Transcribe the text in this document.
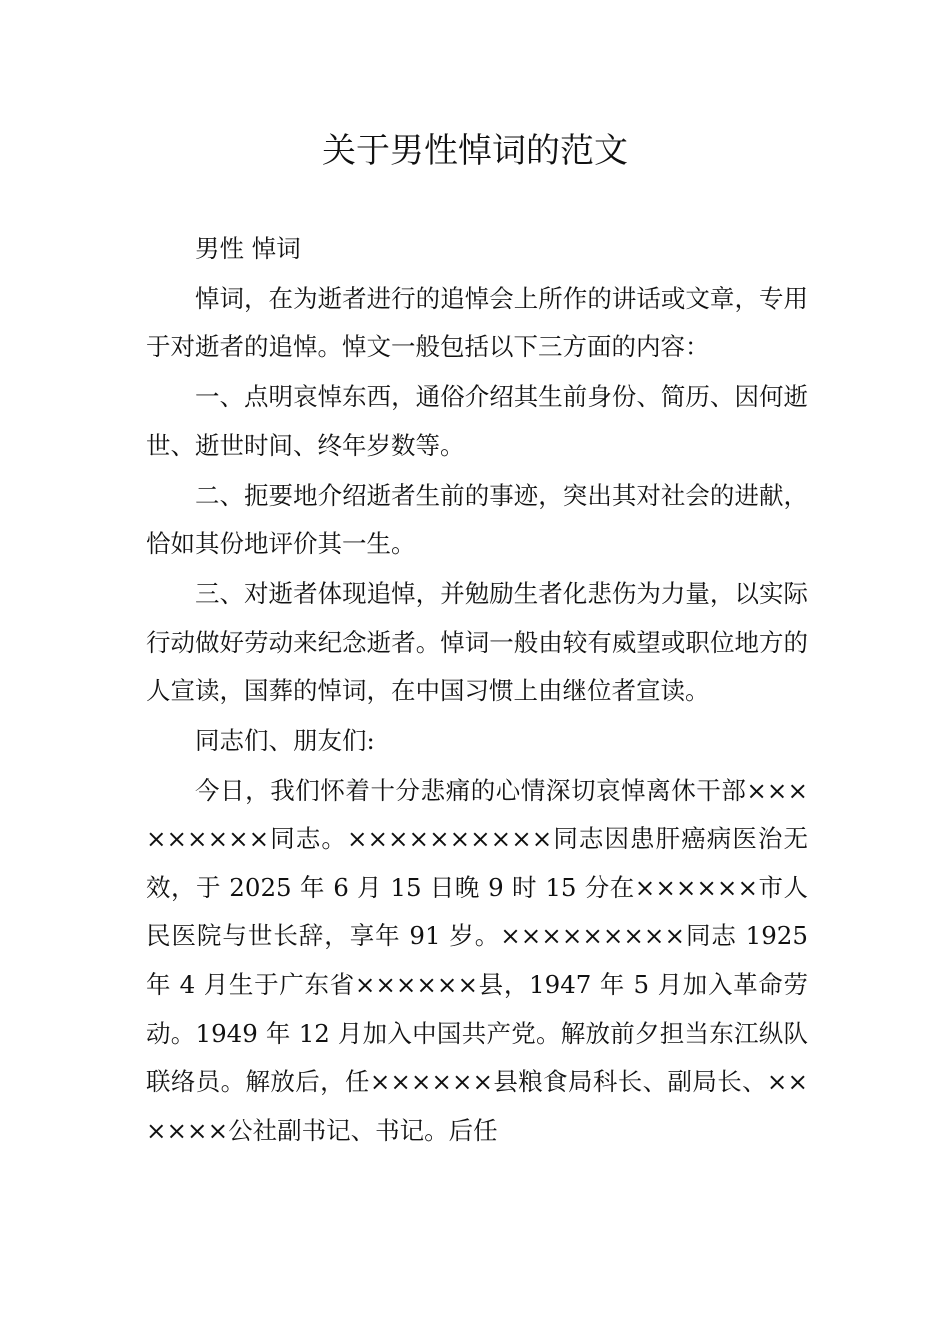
关于男性悼词的范文

男性 悼词

悼词，在为逝者进行的追悼会上所作的讲话或文章，专用于对逝者的追悼。悼文一般包括以下三方面的内容：

一、点明哀悼东西，通俗介绍其生前身份、简历、因何逝世、逝世时间、终年岁数等。

二、扼要地介绍逝者生前的事迹，突出其对社会的进献，恰如其份地评价其一生。

三、对逝者体现追悼，并勉励生者化悲伤为力量，以实际行动做好劳动来纪念逝者。悼词一般由较有威望或职位地方的人宣读，国葬的悼词，在中国习惯上由继位者宣读。

同志们、朋友们:

今日，我们怀着十分悲痛的心情深切哀悼离休干部×××××××××同志。××××××××××同志因患肝癌病医治无效，于 2025 年 6 月 15 日晚 9 时 15 分在××××××市人民医院与世长辞，享年 91 岁。×××××××××同志 1925 年 4 月生于广东省××××××县，1947 年 5 月加入革命劳动。1949 年 12 月加入中国共产党。解放前夕担当东江纵队联络员。解放后，任××××××县粮食局科长、副局长、××××××公社副书记、书记。后任
